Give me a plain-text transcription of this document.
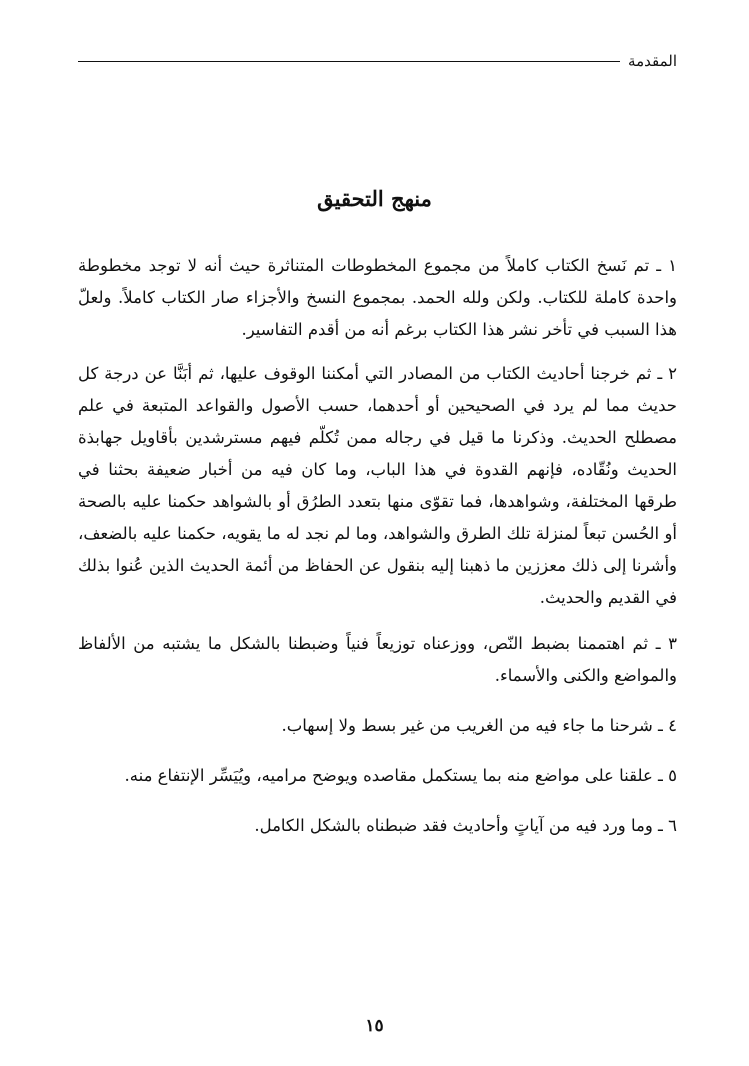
المقدمة
منهج التحقيق

١ ـ تم نَسخ الكتاب كاملاً من مجموع المخطوطات المتناثرة حيث أنه لا توجد مخطوطة واحدة كاملة للكتاب. ولكن ولله الحمد. بمجموع النسخ والأجزاء صار الكتاب كاملاً. ولعلّ هذا السبب في تأخر نشر هذا الكتاب برغم أنه من أقدم التفاسير.

٢ ـ ثم خرجنا أحاديث الكتاب من المصادر التي أمكننا الوقوف عليها، ثم أبَنَّا عن درجة كل حديث مما لم يرد في الصحيحين أو أحدهما، حسب الأصول والقواعد المتبعة في علم مصطلح الحديث. وذكرنا ما قيل في رجاله ممن تُكلّم فيهم مسترشدين بأقاويل جهابذة الحديث ونُقّاده، فإنهم القدوة في هذا الباب، وما كان فيه من أخبار ضعيفة بحثنا في طرقها المختلفة، وشواهدها، فما تقوّى منها بتعدد الطرُق أو بالشواهد حكمنا عليه بالصحة أو الحُسن تبعاً لمنزلة تلك الطرق والشواهد، وما لم نجد له ما يقويه، حكمنا عليه بالضعف، وأشرنا إلى ذلك معززين ما ذهبنا إليه بنقول عن الحفاظ من أئمة الحديث الذين عُنوا بذلك في القديم والحديث.

٣ ـ ثم اهتممنا بضبط النّص، ووزعناه توزيعاً فنياً وضبطنا بالشكل ما يشتبه من الألفاظ والمواضع والكنى والأسماء.

٤ ـ شرحنا ما جاء فيه من الغريب من غير بسط ولا إسهاب.

٥ ـ علقنا على مواضع منه بما يستكمل مقاصده ويوضح مراميه، ويُيَسِّر الإنتفاع منه.

٦ ـ وما ورد فيه من آياتٍ وأحاديث فقد ضبطناه بالشكل الكامل.

١٥
